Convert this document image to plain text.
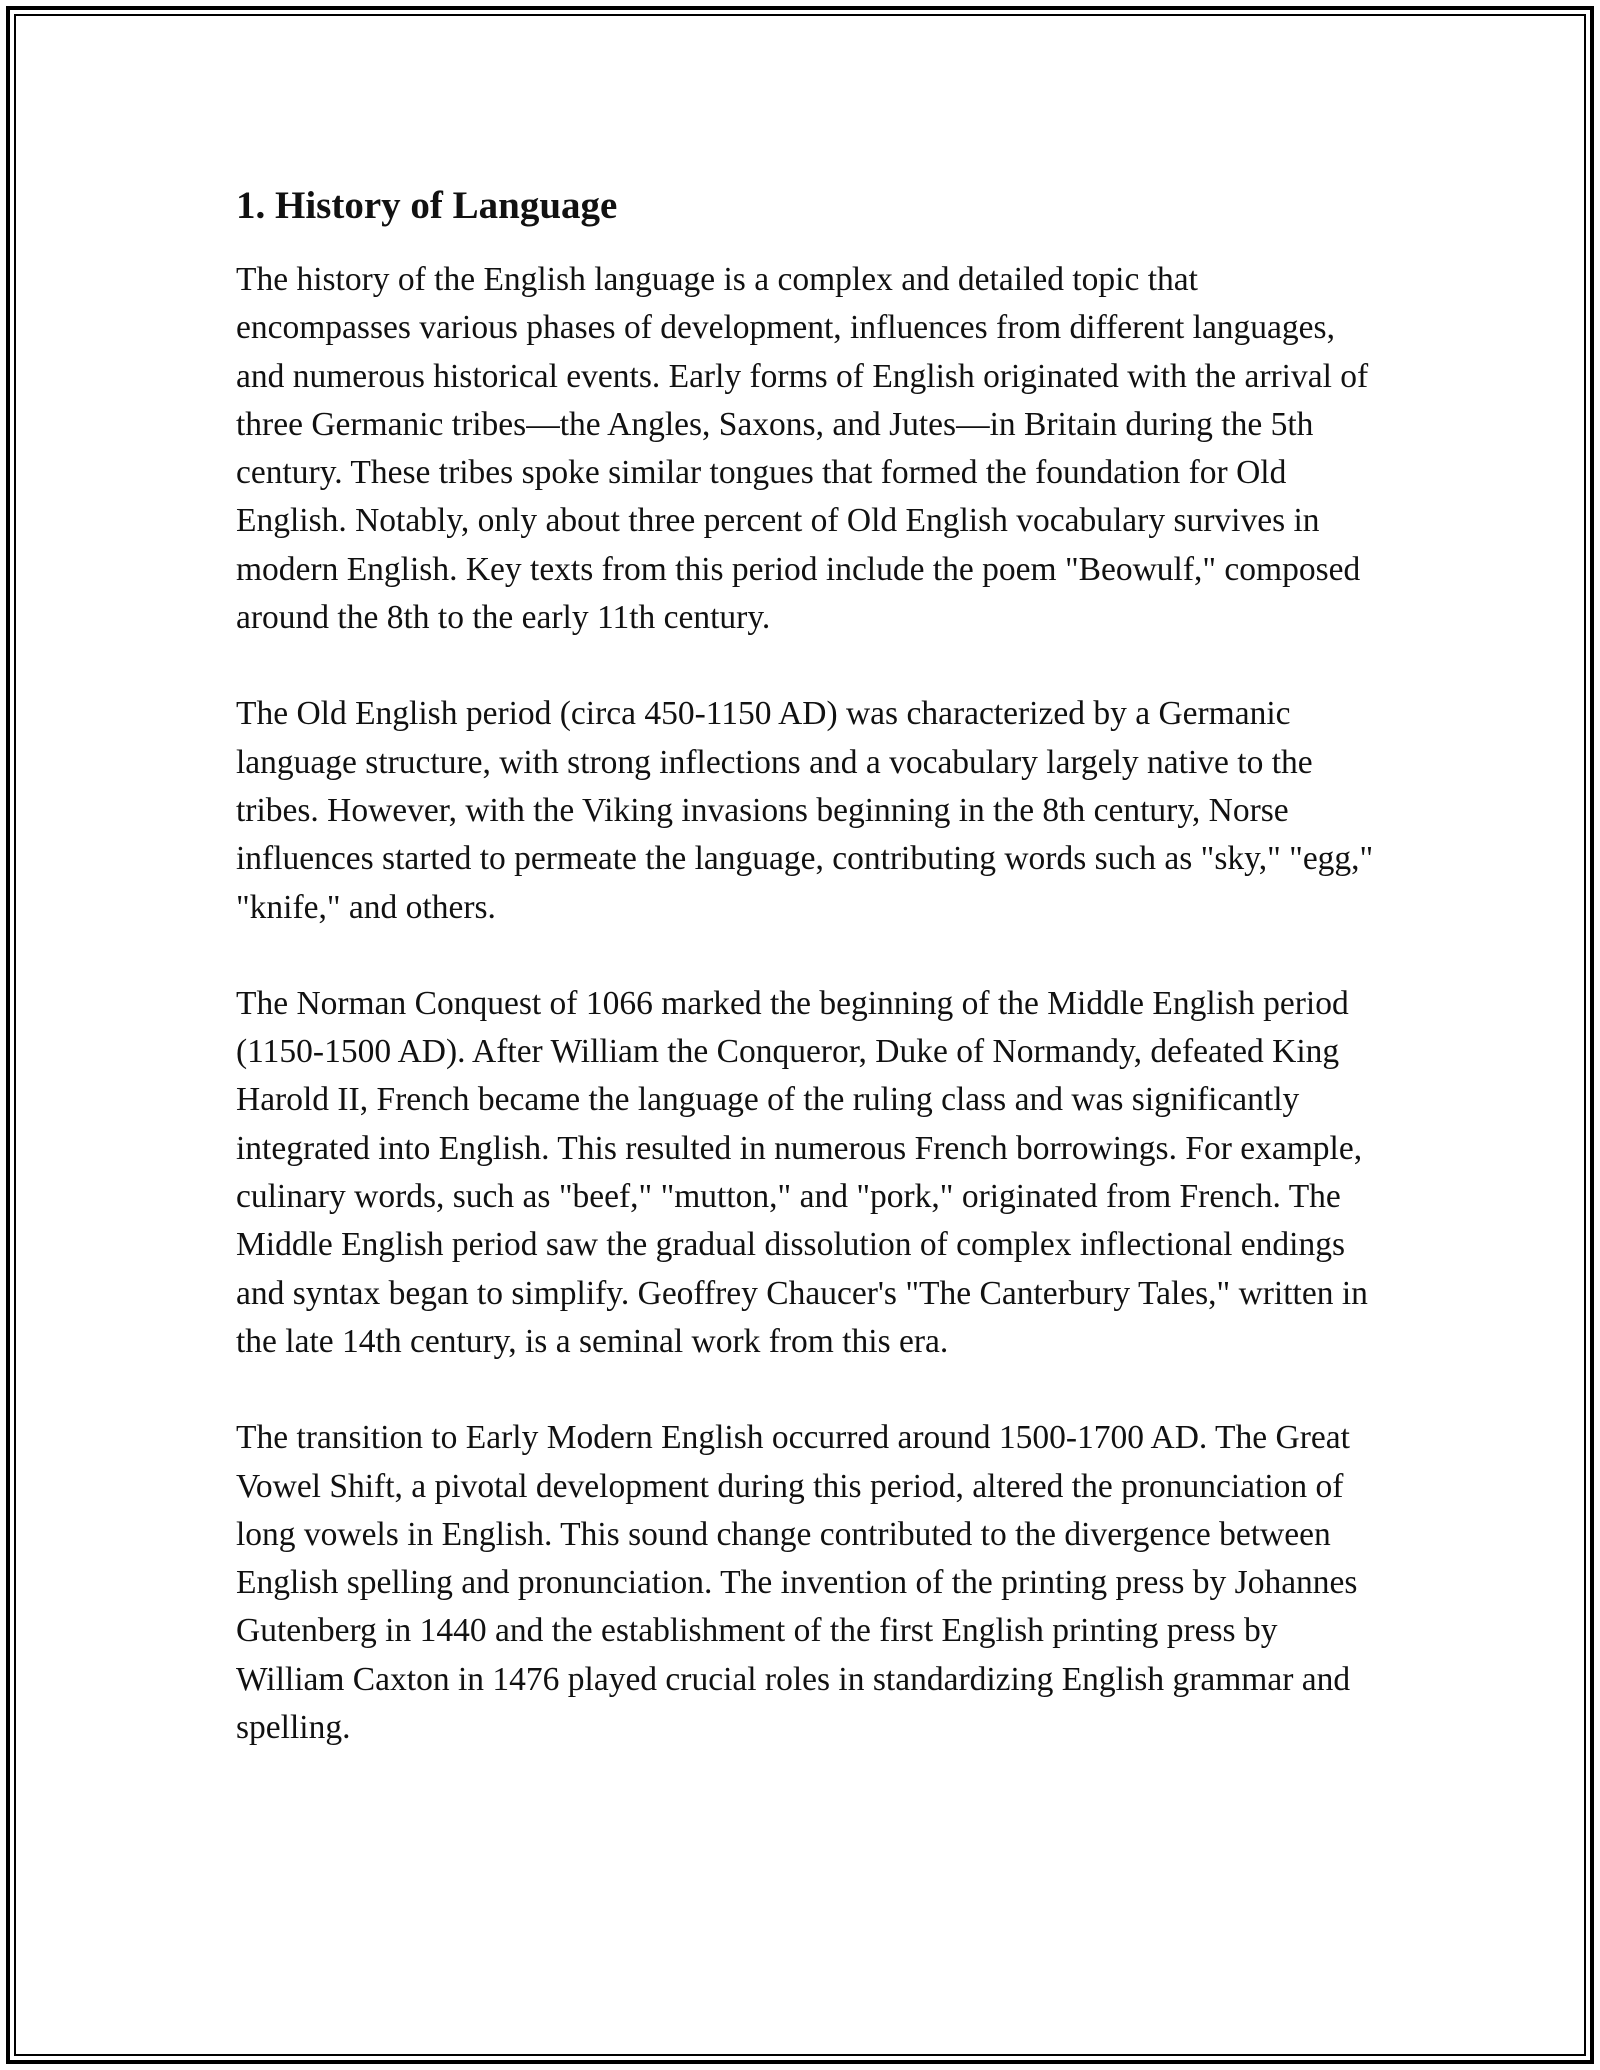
1. History of Language

The history of the English language is a complex and detailed topic that encompasses various phases of development, influences from different languages, and numerous historical events. Early forms of English originated with the arrival of three Germanic tribes—the Angles, Saxons, and Jutes—in Britain during the 5th century. These tribes spoke similar tongues that formed the foundation for Old English. Notably, only about three percent of Old English vocabulary survives in modern English. Key texts from this period include the poem "Beowulf," composed around the 8th to the early 11th century.

The Old English period (circa 450-1150 AD) was characterized by a Germanic language structure, with strong inflections and a vocabulary largely native to the tribes. However, with the Viking invasions beginning in the 8th century, Norse influences started to permeate the language, contributing words such as "sky," "egg," "knife," and others.

The Norman Conquest of 1066 marked the beginning of the Middle English period (1150-1500 AD). After William the Conqueror, Duke of Normandy, defeated King Harold II, French became the language of the ruling class and was significantly integrated into English. This resulted in numerous French borrowings. For example, culinary words, such as "beef," "mutton," and "pork," originated from French. The Middle English period saw the gradual dissolution of complex inflectional endings and syntax began to simplify. Geoffrey Chaucer's "The Canterbury Tales," written in the late 14th century, is a seminal work from this era.

The transition to Early Modern English occurred around 1500-1700 AD. The Great Vowel Shift, a pivotal development during this period, altered the pronunciation of long vowels in English. This sound change contributed to the divergence between English spelling and pronunciation. The invention of the printing press by Johannes Gutenberg in 1440 and the establishment of the first English printing press by William Caxton in 1476 played crucial roles in standardizing English grammar and spelling.
